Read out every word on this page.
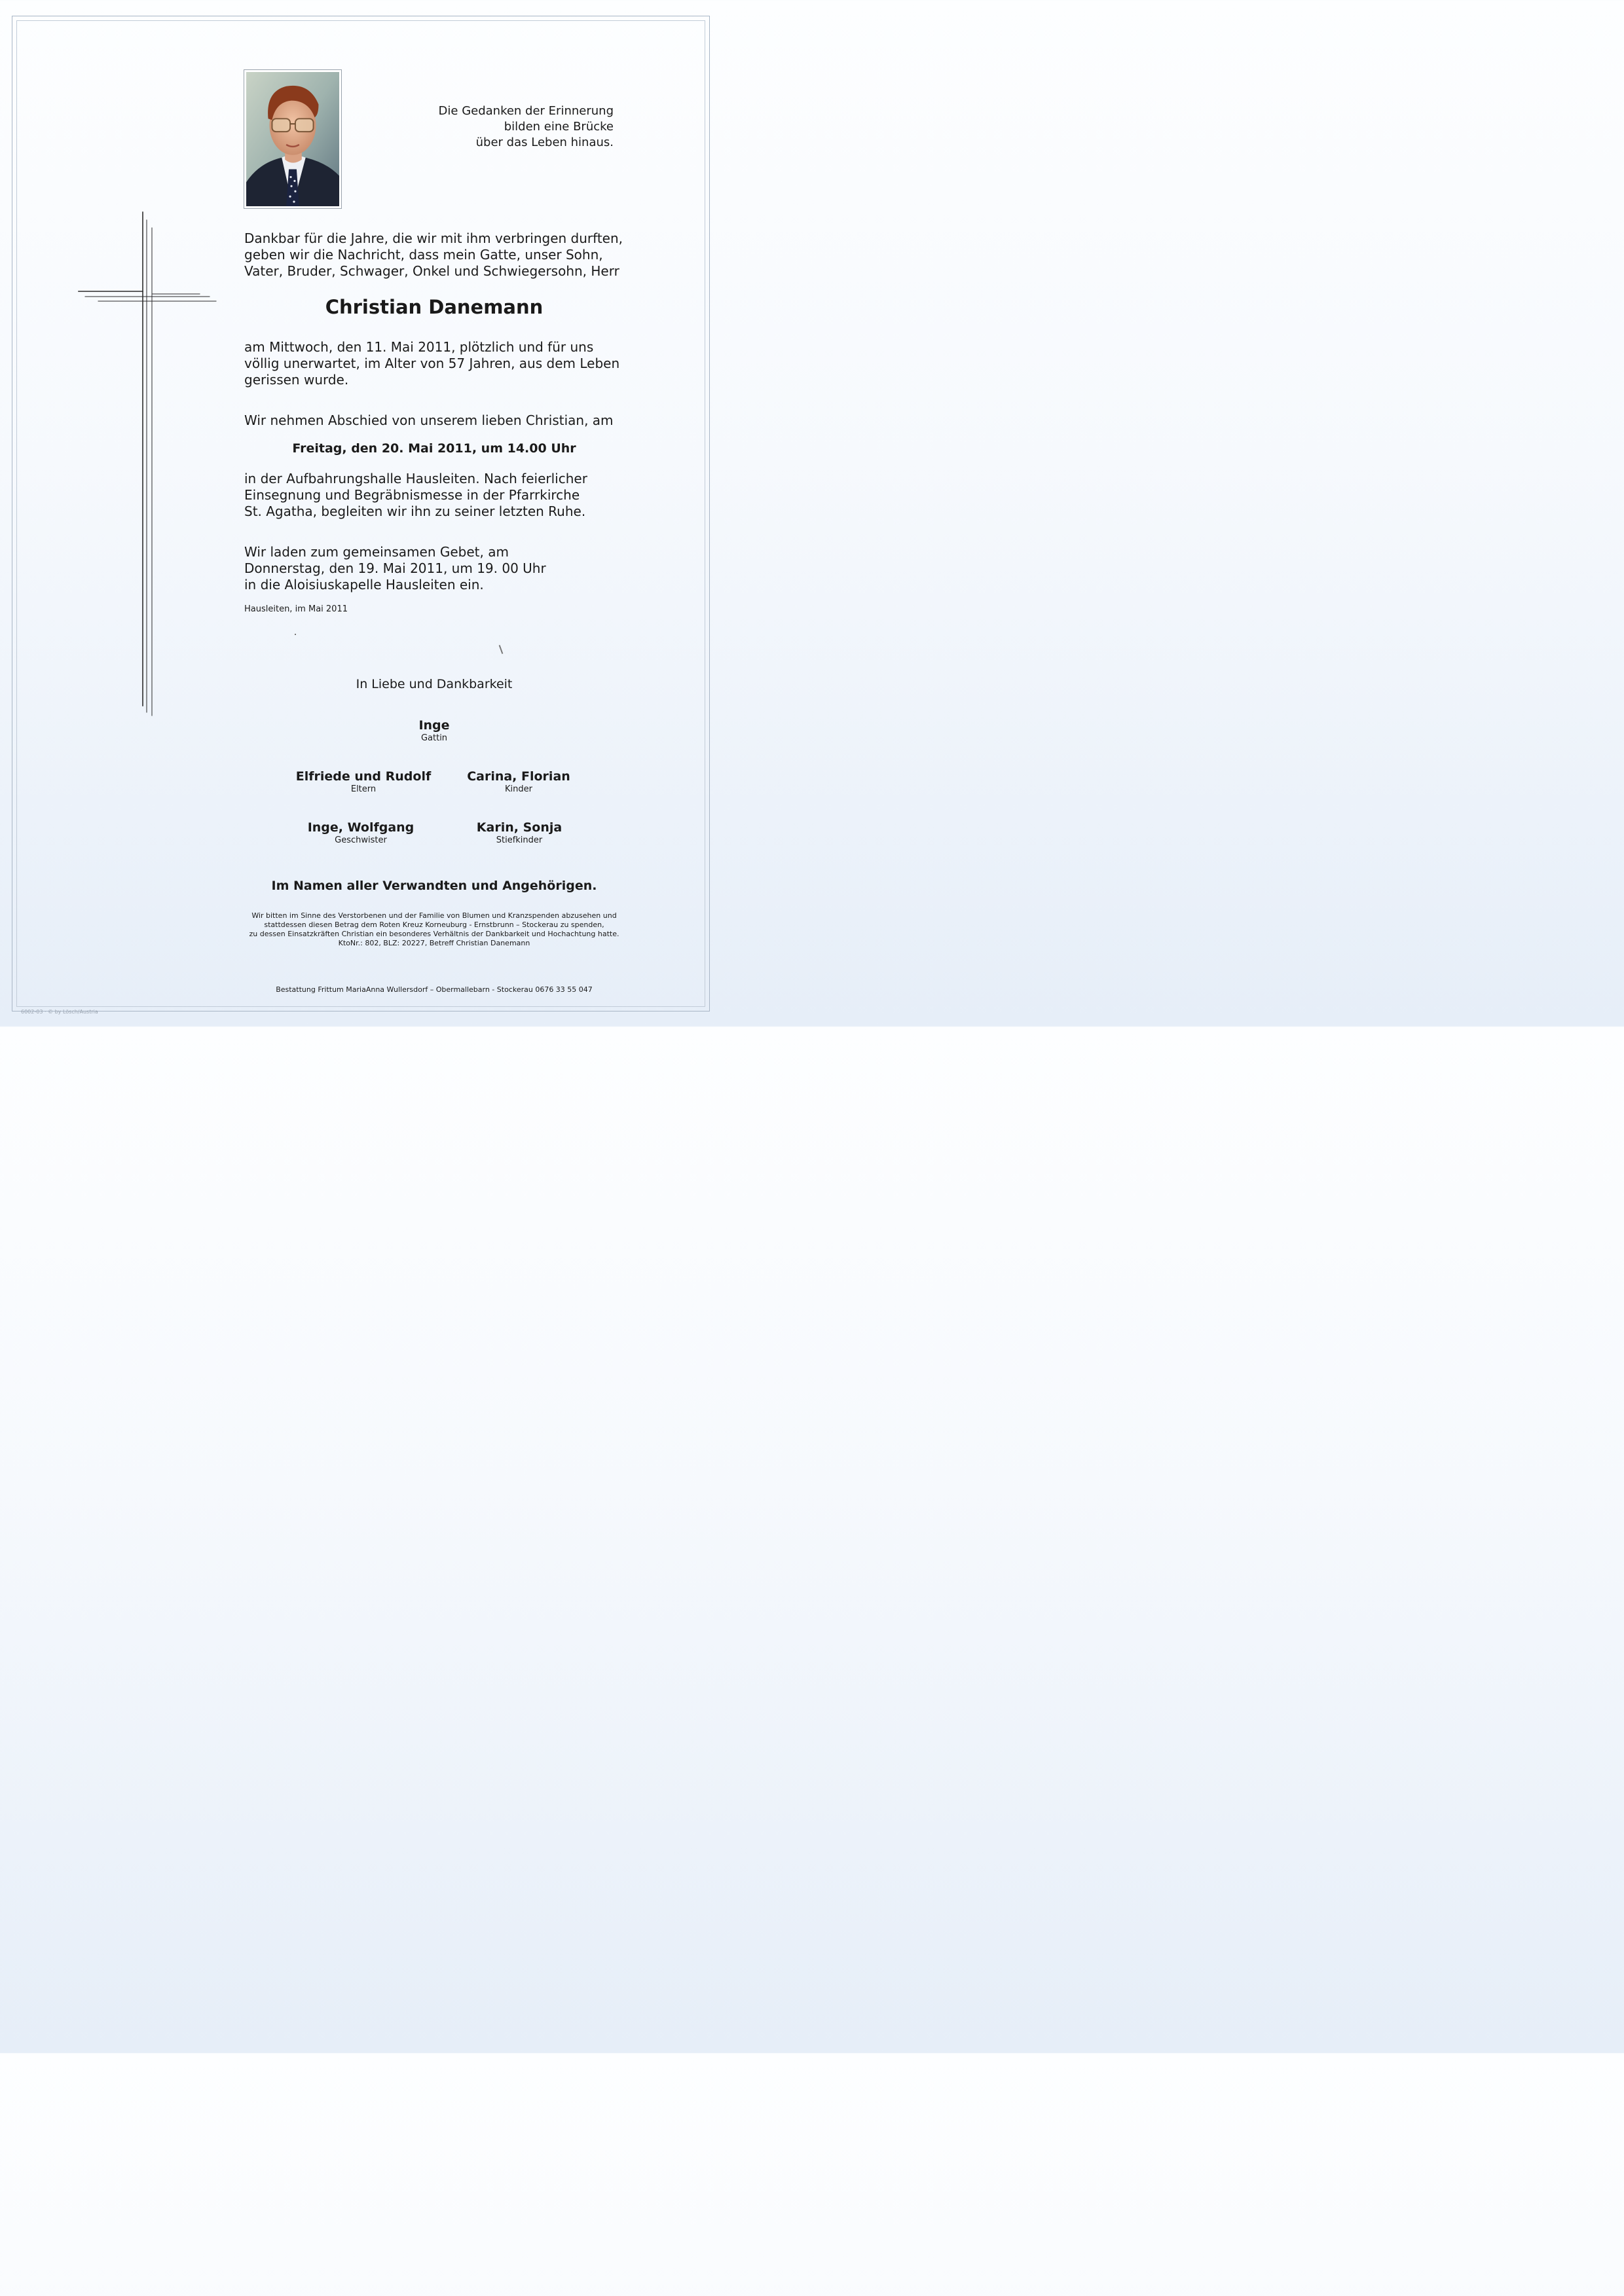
Die Gedanken der Erinnerung
bilden eine Brücke
über das Leben hinaus.
Dankbar für die Jahre, die wir mit ihm verbringen durften,
geben wir die Nachricht, dass mein Gatte, unser Sohn,
Vater, Bruder, Schwager, Onkel und Schwiegersohn, Herr
Christian Danemann
am Mittwoch, den 11. Mai 2011, plötzlich und für uns
völlig unerwartet, im Alter von 57 Jahren, aus dem Leben
gerissen wurde.
Wir nehmen Abschied von unserem lieben Christian, am
Freitag, den 20. Mai 2011, um 14.00 Uhr
in der Aufbahrungshalle Hausleiten. Nach feierlicher
Einsegnung und Begräbnismesse in der Pfarrkirche
St. Agatha, begleiten wir ihn zu seiner letzten Ruhe.
Wir laden zum gemeinsamen Gebet, am
Donnerstag, den 19. Mai 2011, um 19. 00 Uhr
in die Aloisiuskapelle Hausleiten ein.
Hausleiten, im Mai 2011
In Liebe und Dankbarkeit
Inge
Gattin
Elfriede und Rudolf
Eltern
Carina, Florian
Kinder
Inge, Wolfgang
Geschwister
Karin, Sonja
Stiefkinder
Im Namen aller Verwandten und Angehörigen.
Wir bitten im Sinne des Verstorbenen und der Familie von Blumen und Kranzspenden abzusehen und
stattdessen diesen Betrag dem Roten Kreuz Korneuburg - Ernstbrunn – Stockerau zu spenden,
zu dessen Einsatzkräften Christian ein besonderes Verhältnis der Dankbarkeit und Hochachtung hatte.
KtoNr.: 802, BLZ: 20227, Betreff Christian Danemann
Bestattung Frittum MariaAnna Wullersdorf – Obermallebarn - Stockerau 0676 33 55 047
6002-03 · © by Lösch/Austria
